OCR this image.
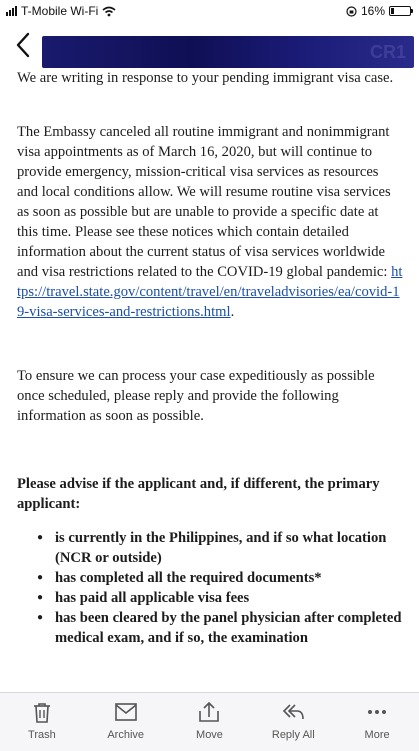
T-Mobile Wi-Fi	16%

CR1

We are writing in response to your pending immigrant visa case.

The Embassy canceled all routine immigrant and nonimmigrant visa appointments as of March 16, 2020, but will continue to provide emergency, mission-critical visa services as resources and local conditions allow. We will resume routine visa services as soon as possible but are unable to provide a specific date at this time. Please see these notices which contain detailed information about the current status of visa services worldwide and visa restrictions related to the COVID-19 global pandemic: https://travel.state.gov/content/travel/en/traveladvisories/ea/covid-19-visa-services-and-restrictions.html.

To ensure we can process your case expeditiously as possible once scheduled, please reply and provide the following information as soon as possible.

Please advise if the applicant and, if different, the primary applicant:

● is currently in the Philippines, and if so what location (NCR or outside)
● has completed all the required documents*
● has paid all applicable visa fees
● has been cleared by the panel physician after completed medical exam, and if so, the examination
Trash	Archive	Move	Reply All	More
